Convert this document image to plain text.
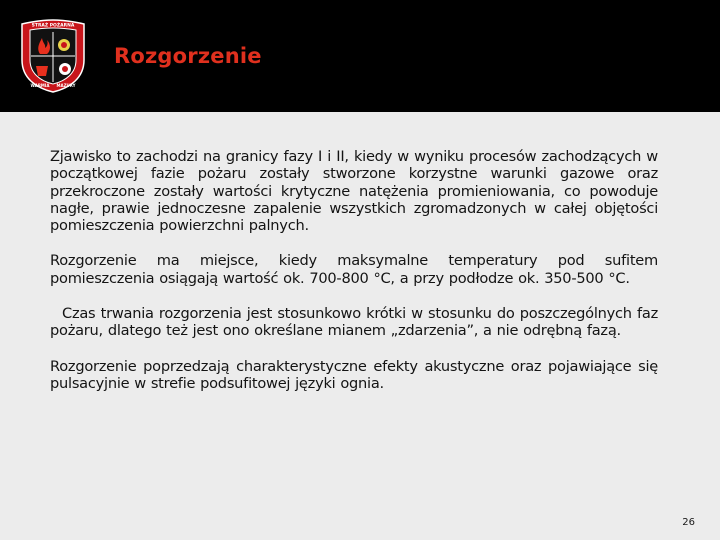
STRAŻ POŻARNA
WARMIA MAZURY
Rozgorzenie

Zjawisko to zachodzi na granicy fazy I i II, kiedy w wyniku procesów zachodzących w początkowej fazie pożaru zostały stworzone korzystne warunki gazowe oraz przekroczone zostały wartości krytyczne natężenia promieniowania, co powoduje nagłe, prawie jednoczesne zapalenie wszystkich zgromadzonych w całej objętości pomieszczenia powierzchni palnych.

Rozgorzenie ma miejsce, kiedy maksymalne temperatury pod sufitem pomieszczenia osiągają wartość ok. 700-800 °C, a przy podłodze ok. 350-500 °C.

Czas trwania rozgorzenia jest stosunkowo krótki w stosunku do poszczególnych faz pożaru, dlatego też jest ono określane mianem „zdarzenia”, a nie odrębną fazą.

Rozgorzenie poprzedzają charakterystyczne efekty akustyczne oraz pojawiające się pulsacyjnie w strefie podsufitowej języki ognia.

26
